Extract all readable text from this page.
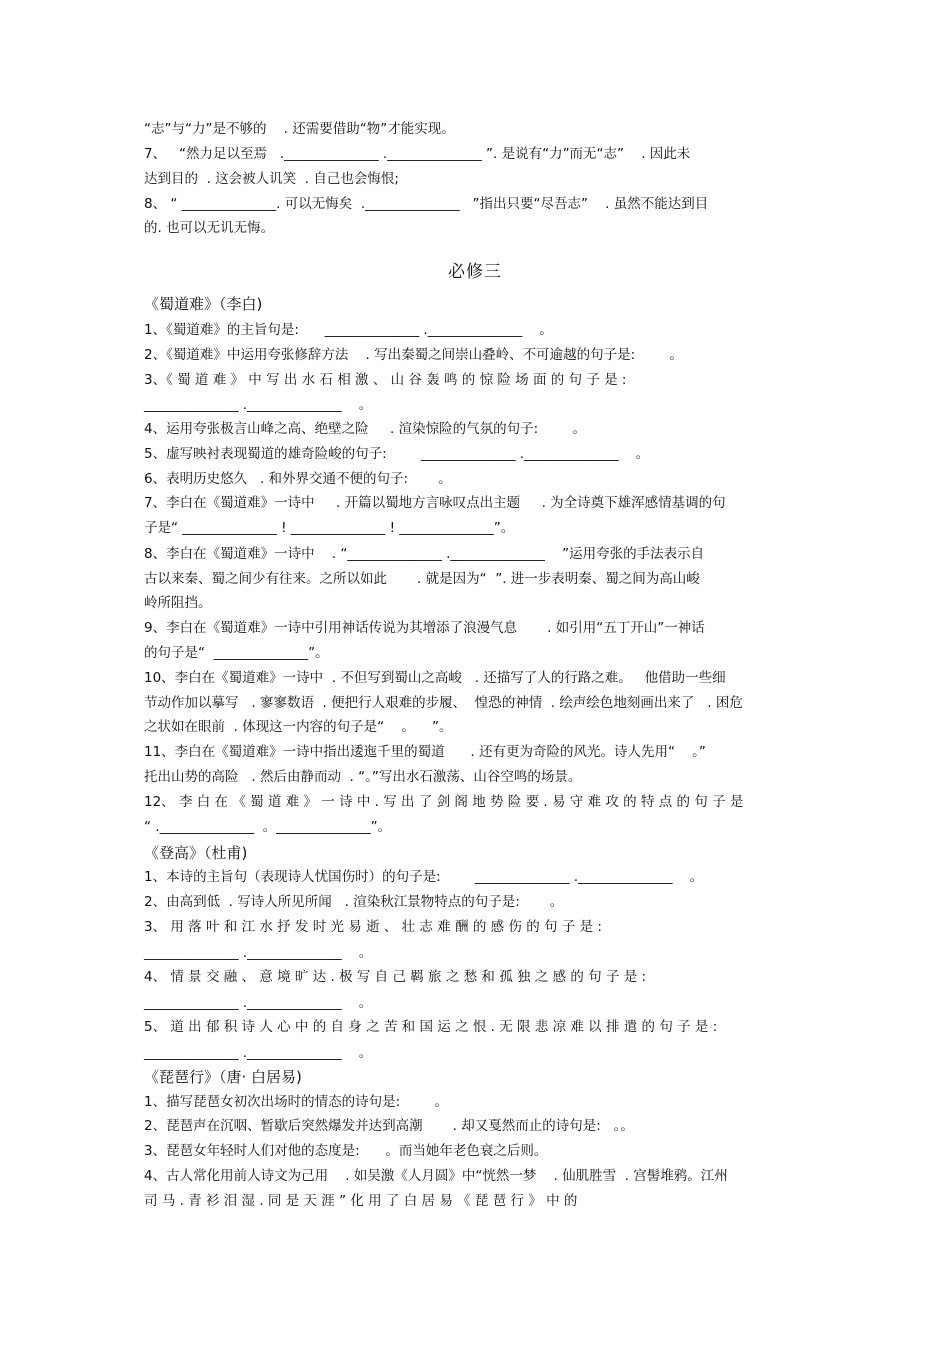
“志”与“力”是不够的    . 还需要借助“物”才能实现。
7、   “然力足以至焉   .______________ .______________ ”. 是说有“力”而无“志”    . 因此未
达到目的  . 这会被人讥笑  . 自己也会悔恨;
8、 “ ______________. 可以无悔矣  .______________   ”指出只要“尽吾志”    . 虽然不能达到目
的. 也可以无讥无悔。
必修三
《蜀道难》（李白)
1、《蜀道难》的主旨句是:      ______________ .______________    。
2、《蜀道难》中运用夸张修辞方法    . 写出秦蜀之间崇山叠岭、不可逾越的句子是:        。
3、《 蜀 道 难 》 中 写 出 水 石 相 激 、 山 谷 轰 鸣 的 惊 险 场 面 的 句 子 是 :
______________ .______________    。
4、运用夸张极言山峰之高、绝壁之险     . 渲染惊险的气氛的句子:        。
5、虚写映衬表现蜀道的雄奇险峻的句子:        ______________ .______________    。
6、表明历史悠久   . 和外界交通不便的句子:       。
7、李白在《蜀道难》一诗中     . 开篇以蜀地方言咏叹点出主题     . 为全诗奠下雄浑感情基调的句
子是“ ______________ ! ______________ ! ______________”。
8、李白在《蜀道难》一诗中    . “______________ .______________    ”运用夸张的手法表示自
古以来秦、蜀之间少有往来。之所以如此       . 就是因为“  ”. 进一步表明秦、蜀之间为高山峻
岭所阻挡。
9、李白在《蜀道难》一诗中引用神话传说为其增添了浪漫气息       . 如引用“五丁开山”一神话
的句子是“  ______________”。
10、李白在《蜀道难》一诗中  . 不但写到蜀山之高峻   . 还描写了人的行路之难。   他借助一些细
节动作加以摹写   . 寥寥数语  . 便把行人艰难的步履、  惶恐的神情  . 绘声绘色地刻画出来了   . 困危
之状如在眼前  . 体现这一内容的句子是“    。    ”。
11、李白在《蜀道难》一诗中指出逶迤千里的蜀道      . 还有更为奇险的风光。诗人先用“    。”
托出山势的高险   . 然后由静而动  . “。”写出水石激荡、山谷空鸣的场景。
12、 李 白 在 《 蜀 道 难 》 一 诗 中 . 写 出 了 剑 阁 地 势 险 要 . 易 守 难 攻 的 特 点 的 句 子 是
“ .______________  。______________”。
《登高》（杜甫)
1、本诗的主旨句（表现诗人忧国伤时）的句子是:        ______________ .______________    。
2、由高到低  . 写诗人所见所闻   . 渲染秋江景物特点的句子是:       。
3、 用 落 叶 和 江 水 抒 发 时 光 易 逝 、 壮 志 难 酬 的 感 伤 的 句 子 是 :
______________ .______________    。
4、 情 景 交 融 、 意 境 旷 达 . 极 写 自 己 羁 旅 之 愁 和 孤 独 之 感 的 句 子 是 :
______________ .______________    。
5、 道 出 郁 积 诗 人 心 中 的 自 身 之 苦 和 国 运 之 恨 . 无 限 悲 凉 难 以 排 遣 的 句 子 是 :
______________ .______________    。
《琵琶行》（唐· 白居易)
1、描写琵琶女初次出场时的情态的诗句是:        。
2、琵琶声在沉咽、暂歇后突然爆发并达到高潮       . 却又戛然而止的诗句是:   。。
3、琵琶女年轻时人们对他的态度是:      。而当她年老色衰之后则。
4、古人常化用前人诗文为己用    . 如吴激《人月圆》中“恍然一梦    . 仙肌胜雪  . 宫髻堆鸦。江州
司 马 . 青 衫 泪 湿 . 同 是 天 涯 ” 化 用 了 白 居 易 《 琵 琶 行 》 中 的
